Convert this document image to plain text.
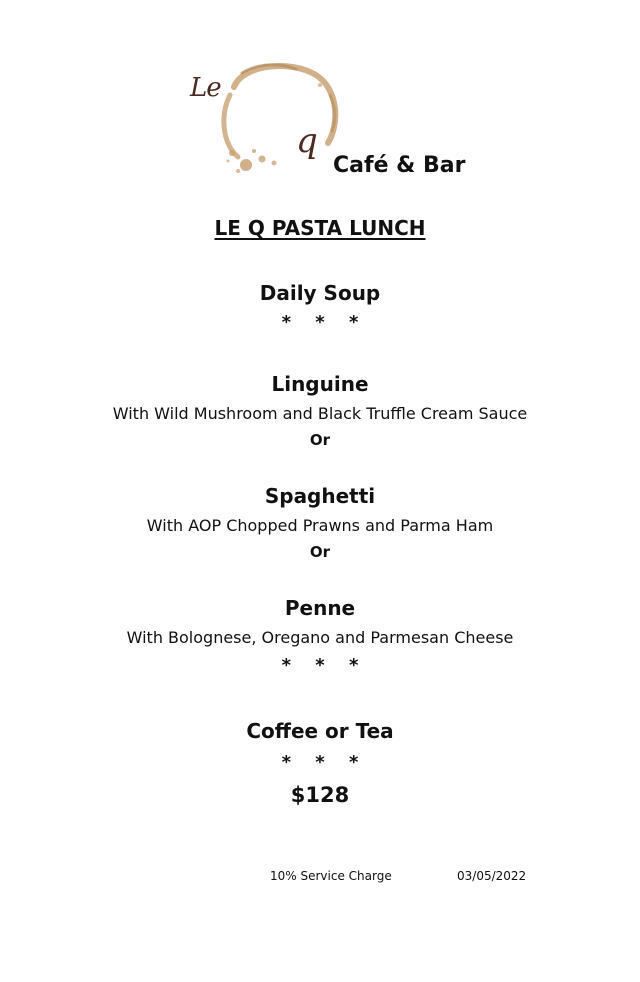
Le
q
Café & Bar
LE Q PASTA LUNCH
Daily Soup
* * *
Linguine
With Wild Mushroom and Black Truffle Cream Sauce
Or
Spaghetti
With AOP Chopped Prawns and Parma Ham
Or
Penne
With Bolognese, Oregano and Parmesan Cheese
* * *
Coffee or Tea
* * *
$128
10% Service Charge	03/05/2022
